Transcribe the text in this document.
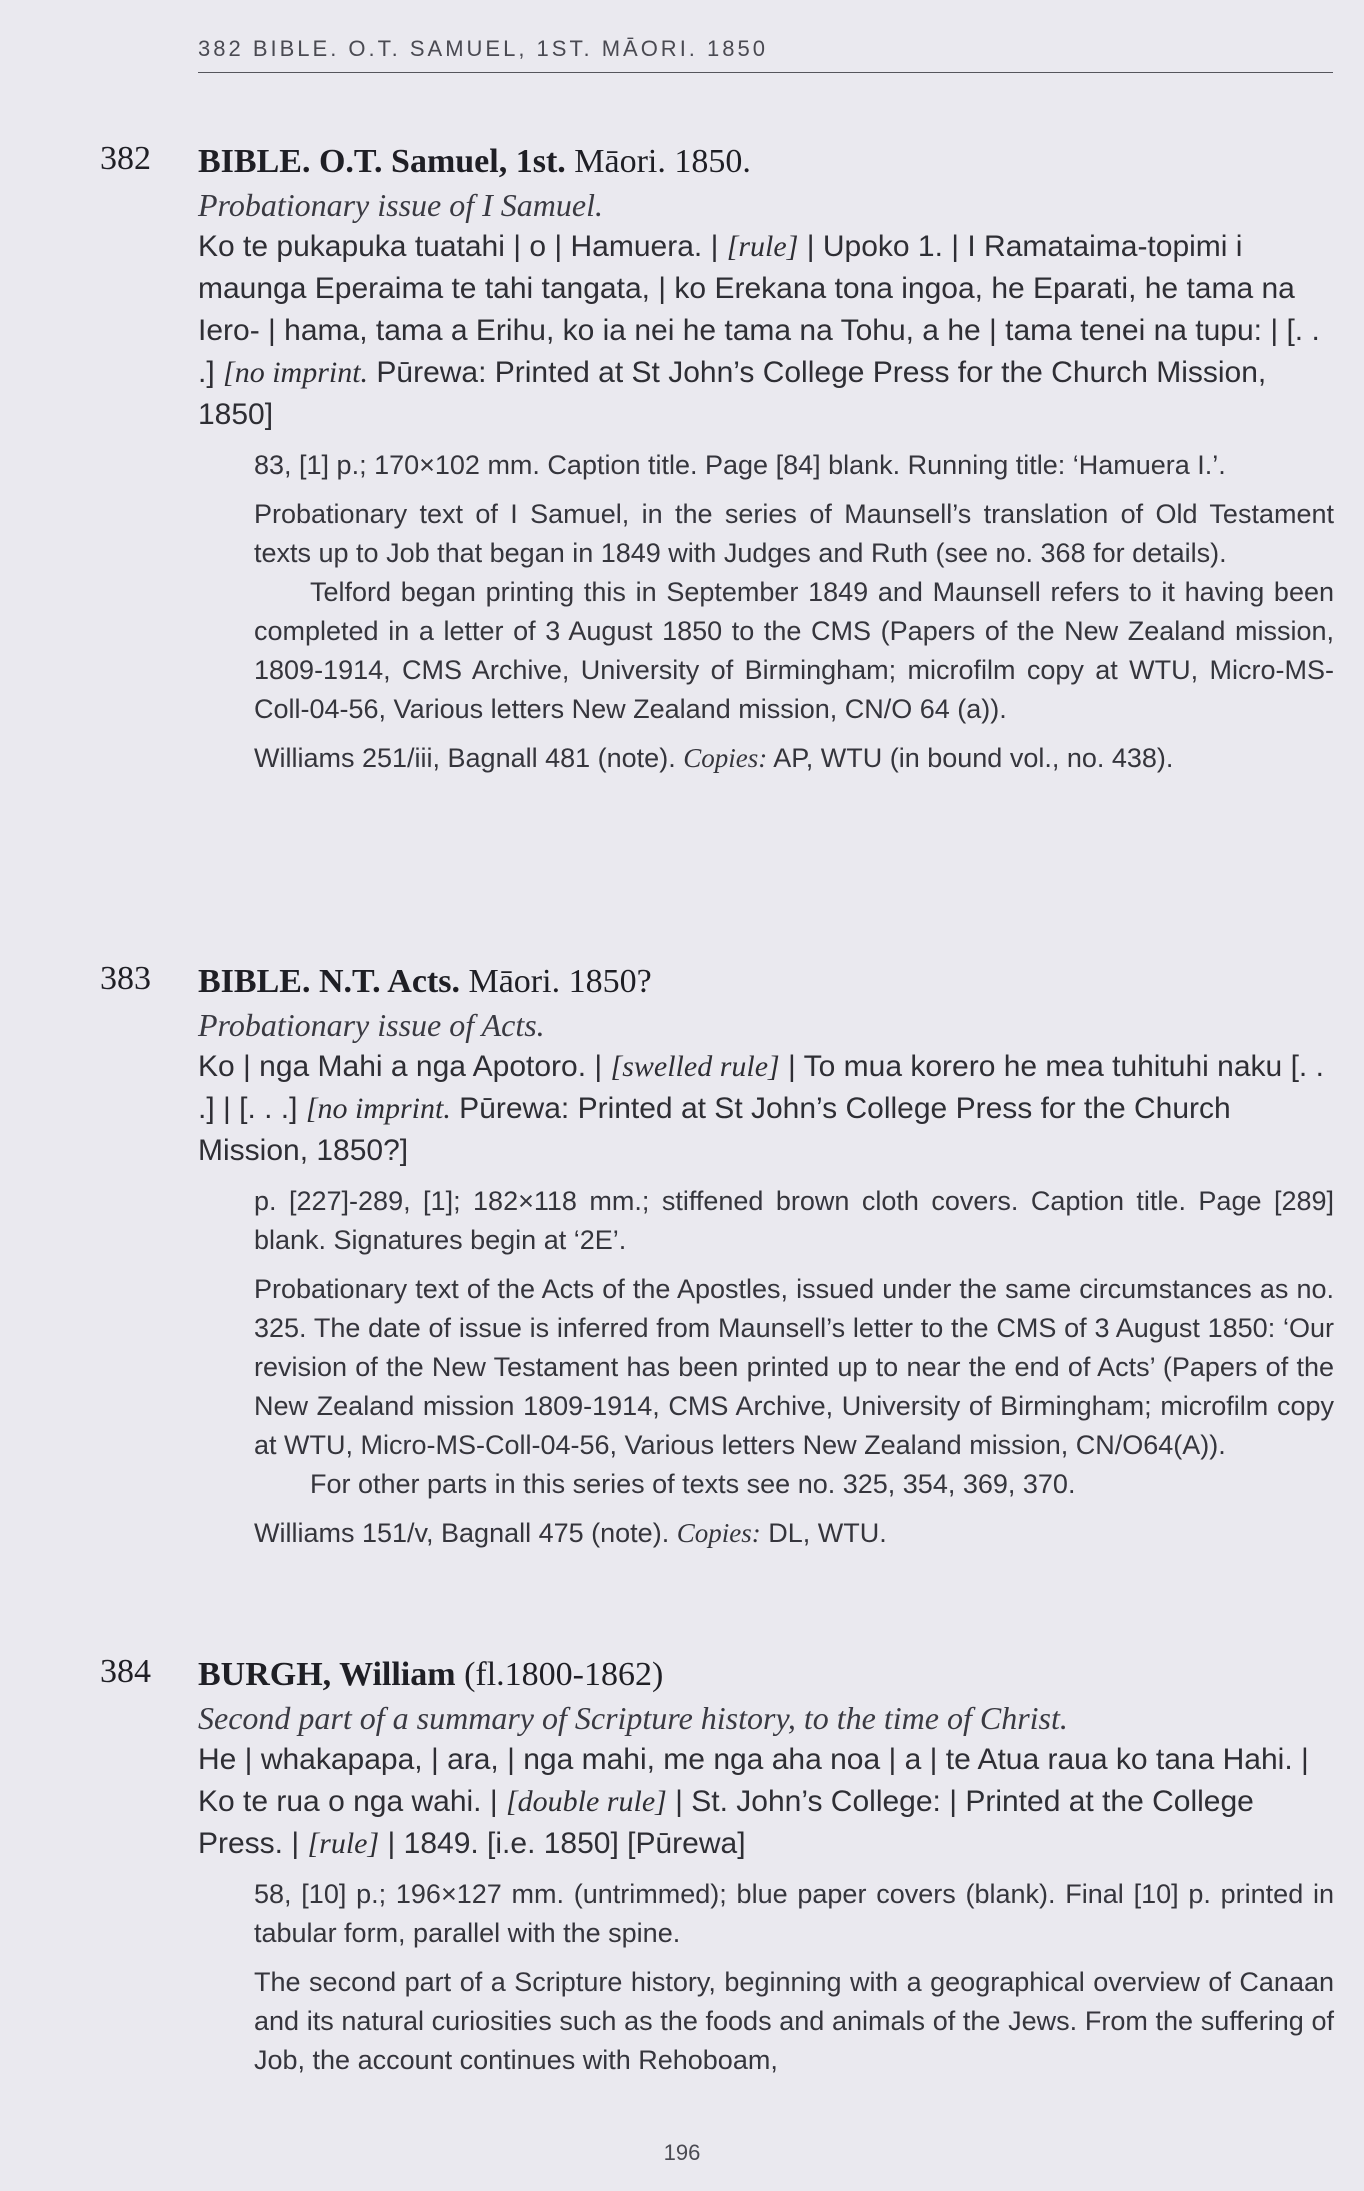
382 BIBLE. O.T. SAMUEL, 1ST. MĀORI. 1850
382 BIBLE. O.T. Samuel, 1st. Māori. 1850.
Probationary issue of I Samuel.
Ko te pukapuka tuatahi | o | Hamuera. | [rule] | Upoko 1. | I Ramataima-topimi i maunga Eperaima te tahi tangata, | ko Erekana tona ingoa, he Eparati, he tama na Iero- | hama, tama a Erihu, ko ia nei he tama na Tohu, a he | tama tenei na tupu: | [. . .] [no imprint. Pūrewa: Printed at St John’s College Press for the Church Mission, 1850]
83, [1] p.; 170×102 mm. Caption title. Page [84] blank. Running title: ‘Hamuera I.’.
Probationary text of I Samuel, in the series of Maunsell’s translation of Old Testament texts up to Job that began in 1849 with Judges and Ruth (see no. 368 for details).
Telford began printing this in September 1849 and Maunsell refers to it having been completed in a letter of 3 August 1850 to the CMS (Papers of the New Zealand mission, 1809-1914, CMS Archive, University of Birmingham; microfilm copy at WTU, Micro-MS-Coll-04-56, Various letters New Zealand mission, CN/O 64 (a)).
Williams 251/iii, Bagnall 481 (note). Copies: AP, WTU (in bound vol., no. 438).
383 BIBLE. N.T. Acts. Māori. 1850?
Probationary issue of Acts.
Ko | nga Mahi a nga Apotoro. | [swelled rule] | To mua korero he mea tuhituhi naku [. . .] | [. . .] [no imprint. Pūrewa: Printed at St John’s College Press for the Church Mission, 1850?]
p. [227]-289, [1]; 182×118 mm.; stiffened brown cloth covers. Caption title. Page [289] blank. Signatures begin at ‘2E’.
Probationary text of the Acts of the Apostles, issued under the same circumstances as no. 325. The date of issue is inferred from Maunsell’s letter to the CMS of 3 August 1850: ‘Our revision of the New Testament has been printed up to near the end of Acts’ (Papers of the New Zealand mission 1809-1914, CMS Archive, University of Birmingham; microfilm copy at WTU, Micro-MS-Coll-04-56, Various letters New Zealand mission, CN/O64(A)).
For other parts in this series of texts see no. 325, 354, 369, 370.
Williams 151/v, Bagnall 475 (note). Copies: DL, WTU.
384 BURGH, William (fl.1800-1862)
Second part of a summary of Scripture history, to the time of Christ.
He | whakapapa, | ara, | nga mahi, me nga aha noa | a | te Atua raua ko tana Hahi. | Ko te rua o nga wahi. | [double rule] | St. John’s College: | Printed at the College Press. | [rule] | 1849. [i.e. 1850] [Pūrewa]
58, [10] p.; 196×127 mm. (untrimmed); blue paper covers (blank). Final [10] p. printed in tabular form, parallel with the spine.
The second part of a Scripture history, beginning with a geographical overview of Canaan and its natural curiosities such as the foods and animals of the Jews. From the suffering of Job, the account continues with Rehoboam,
196
